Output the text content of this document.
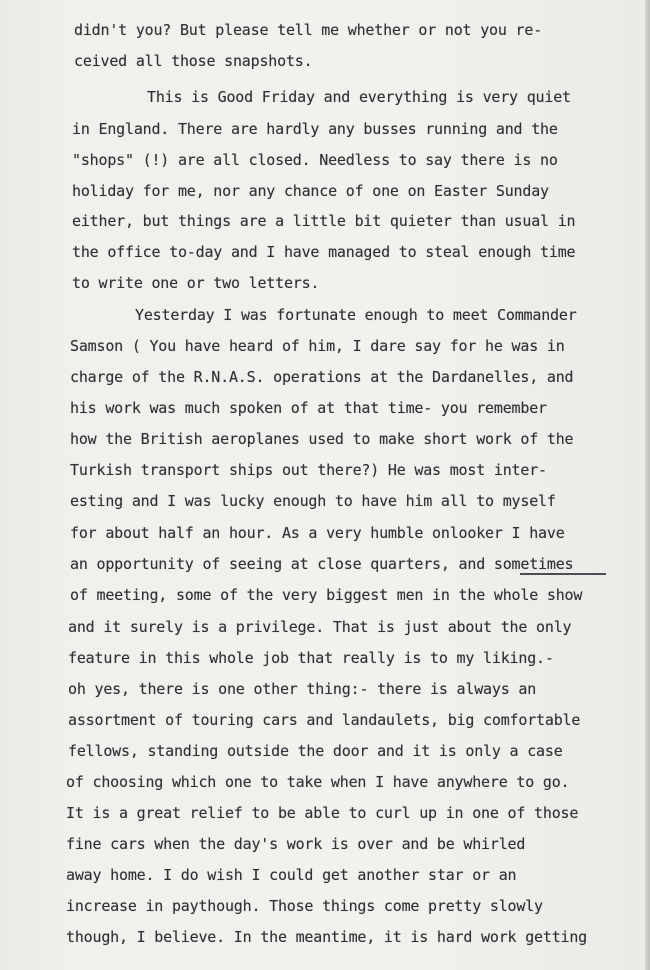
didn't you? But please tell me whether or not you re-

ceived all those snapshots.

This is Good Friday and everything is very quiet

in England. There are hardly any busses running and the

"shops" (!) are all closed. Needless to say there is no

holiday for me, nor any chance of one on Easter Sunday

either, but things are a little bit quieter than usual in

the office to-day and I have managed to steal enough time

to write one or two letters.

Yesterday I was fortunate enough to meet Commander

Samson ( You have heard of him, I dare say for he was in

charge of the R.N.A.S. operations at the Dardanelles, and

his work was much spoken of at that time- you remember

how the British aeroplanes used to make short work of the

Turkish transport ships out there?) He was most inter-

esting and I was lucky enough to have him all to myself

for about half an hour. As a very humble onlooker I have

an opportunity of seeing at close quarters, and sometimes

of meeting, some of the very biggest men in the whole show

and it surely is a privilege. That is just about the only

feature in this whole job that really is to my liking.-

oh yes, there is one other thing:- there is always an

assortment of touring cars and landaulets, big comfortable

fellows, standing outside the door and it is only a case

of choosing which one to take when I have anywhere to go.

It is a great relief to be able to curl up in one of those

fine cars when the day's work is over and be whirled

away home. I do wish I could get another star or an

increase in paythough. Those things come pretty slowly

though, I believe. In the meantime, it is hard work getting
